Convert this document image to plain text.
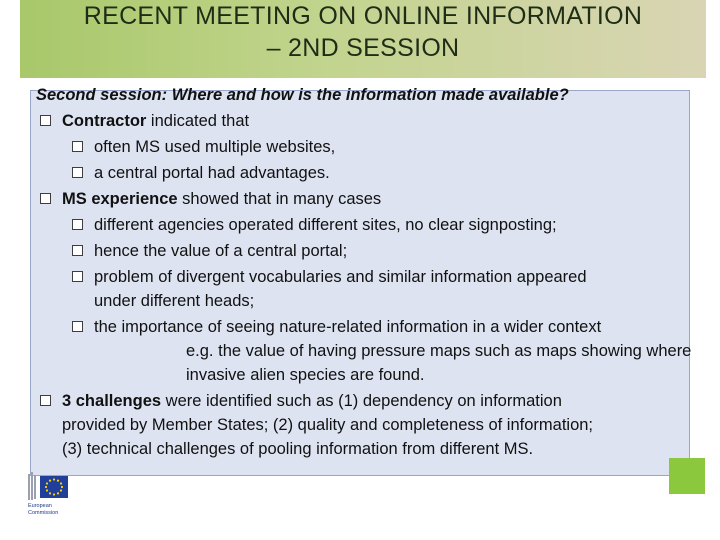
RECENT MEETING ON ONLINE INFORMATION
– 2ND SESSION
Second session: Where and how is the information made available?
Contractor indicated that
often MS used multiple websites,
a central portal had advantages.
MS experience showed that in many cases
different agencies operated different sites, no clear signposting;
hence the value of a central portal;
problem of divergent vocabularies and similar information appeared
under different heads;
the importance of seeing nature-related information in a wider context
e.g. the value of having pressure maps such as maps showing where
invasive alien species are found.
3 challenges were identified such as (1) dependency on information
provided by Member States; (2) quality and completeness of information;
(3) technical challenges of pooling information from different MS.
European
Commission
